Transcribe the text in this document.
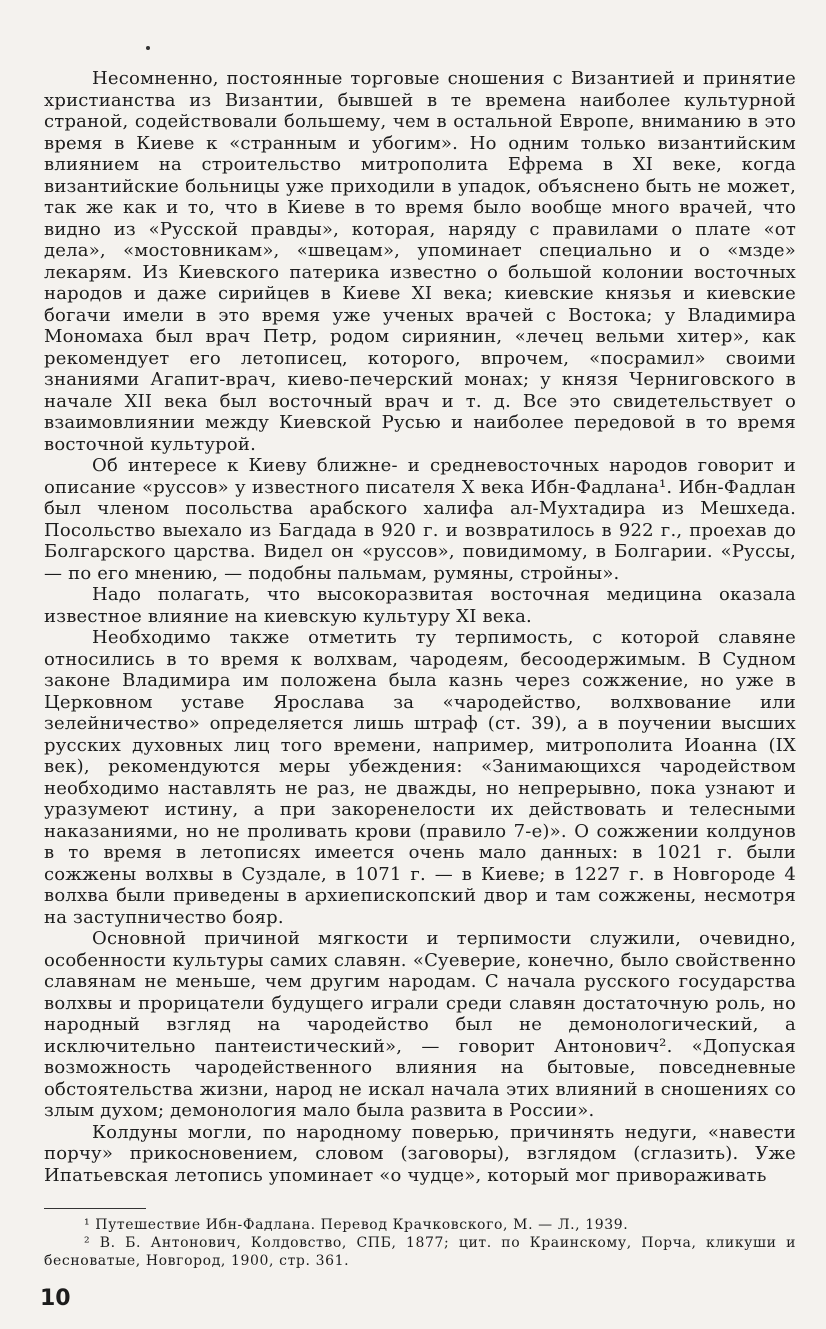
Несомненно, постоянные торговые сношения с Византией и принятие христианства из Византии, бывшей в те времена наиболее культурной страной, содействовали большему, чем в остальной Европе, вниманию в это время в Киеве к «странным и убогим». Но одним только византийским влиянием на строительство митрополита Ефрема в XI веке, когда византийские больницы уже приходили в упадок, объяснено быть не может, так же как и то, что в Киеве в то время было вообще много врачей, что видно из «Русской правды», которая, наряду с правилами о плате «от дела», «мостовникам», «швецам», упоминает специально и о «мзде» лекарям. Из Киевского патерика известно о большой колонии восточных народов и даже сирийцев в Киеве XI века; киевские князья и киевские богачи имели в это время уже ученых врачей с Востока; у Владимира Мономаха был врач Петр, родом сириянин, «лечец вельми хитер», как рекомендует его летописец, которого, впрочем, «посрамил» своими знаниями Агапит-врач, киево-печерский монах; у князя Черниговского в начале XII века был восточный врач и т. д. Все это свидетельствует о взаимовлиянии между Киевской Русью и наиболее передовой в то время восточной культурой.

Об интересе к Киеву ближне- и средневосточных народов говорит и описание «руссов» у известного писателя X века Ибн-Фадлана¹. Ибн-Фадлан был членом посольства арабского халифа ал-Мухтадира из Мешхеда. Посольство выехало из Багдада в 920 г. и возвратилось в 922 г., проехав до Болгарского царства. Видел он «руссов», повидимому, в Болгарии. «Руссы, — по его мнению, — подобны пальмам, румяны, стройны».

Надо полагать, что высокоразвитая восточная медицина оказала известное влияние на киевскую культуру XI века.

Необходимо также отметить ту терпимость, с которой славяне относились в то время к волхвам, чародеям, бесоодержимым. В Судном законе Владимира им положена была казнь через сожжение, но уже в Церковном уставе Ярослава за «чародейство, волхвование или зелейничество» определяется лишь штраф (ст. 39), а в поучении высших русских духовных лиц того времени, например, митрополита Иоанна (IX век), рекомендуются меры убеждения: «Занимающихся чародейством необходимо наставлять не раз, не дважды, но непрерывно, пока узнают и уразумеют истину, а при закоренелости их действовать и телесными наказаниями, но не проливать крови (правило 7-е)». О сожжении колдунов в то время в летописях имеется очень мало данных: в 1021 г. были сожжены волхвы в Суздале, в 1071 г. — в Киеве; в 1227 г. в Новгороде 4 волхва были приведены в архиепископский двор и там сожжены, несмотря на заступничество бояр.

Основной причиной мягкости и терпимости служили, очевидно, особенности культуры самих славян. «Суеверие, конечно, было свойственно славянам не меньше, чем другим народам. С начала русского государства волхвы и прорицатели будущего играли среди славян достаточную роль, но народный взгляд на чародейство был не демонологический, а исключительно пантеистический», — говорит Антонович². «Допуская возможность чародейственного влияния на бытовые, повседневные обстоятельства жизни, народ не искал начала этих влияний в сношениях со злым духом; демонология мало была развита в России».

Колдуны могли, по народному поверью, причинять недуги, «навести порчу» прикосновением, словом (заговоры), взглядом (сглазить). Уже Ипатьевская летопись упоминает «о чудце», который мог привораживать

¹ Путешествие Ибн-Фадлана. Перевод Крачковского, М. — Л., 1939.

² В. Б. Антонович, Колдовство, СПБ, 1877; цит. по Краинскому, Порча, кликуши и бесноватые, Новгород, 1900, стр. 361.

10
